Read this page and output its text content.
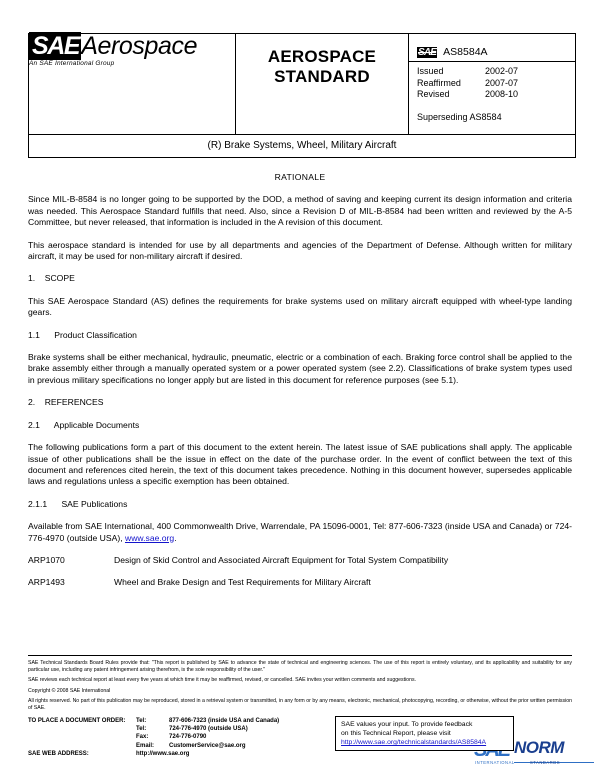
SAEAerospace
An SAE International Group	AEROSPACE
STANDARD

SAE AS8584A
Issued	2002-07
Reaffirmed	2007-07
Revised	2008-10
Superseding AS8584

(R) Brake Systems, Wheel, Military Aircraft
RATIONALE
Since MIL-B-8584 is no longer going to be supported by the DOD, a method of saving and keeping current its design information and criteria was needed. This Aerospace Standard fulfills that need. Also, since a Revision D of MIL-B-8584 had been written and reviewed by the A-5 Committee, but never released, that information is included in the A revision of this document.
This aerospace standard is intended for use by all departments and agencies of the Department of Defense. Although written for military aircraft, it may be used for non-military aircraft if desired.
1.    SCOPE
This SAE Aerospace Standard (AS) defines the requirements for brake systems used on military aircraft equipped with wheel-type landing gears.
1.1      Product Classification
Brake systems shall be either mechanical, hydraulic, pneumatic, electric or a combination of each. Braking force control shall be applied to the brake assembly either through a manually operated system or a power operated system (see 2.2). Classifications of brake system types used in previous military specifications no longer apply but are listed in this document for reference purposes (see 5.1).
2.    REFERENCES
2.1      Applicable Documents
The following publications form a part of this document to the extent herein. The latest issue of SAE publications shall apply. The applicable issue of other publications shall be the issue in effect on the date of the purchase order. In the event of conflict between the text of this document and references cited herein, the text of this document takes precedence. Nothing in this document however, supersedes applicable laws and regulations unless a specific exemption has been obtained.
2.1.1      SAE Publications
Available from SAE International, 400 Commonwealth Drive, Warrendale, PA 15096-0001, Tel: 877-606-7323 (inside USA and Canada) or 724-776-4970 (outside USA), www.sae.org.
ARP1070	Design of Skid Control and Associated Aircraft Equipment for Total System Compatibility
ARP1493	Wheel and Brake Design and Test Requirements for Military Aircraft
SAE Technical Standards Board Rules provide that: "This report is published by SAE to advance the state of technical and engineering sciences. The use of this report is entirely voluntary, and its applicability and suitability for any particular use, including any patent infringement arising therefrom, is the sole responsibility of the user."
SAE reviews each technical report at least every five years at which time it may be reaffirmed, revised, or cancelled. SAE invites your written comments and suggestions.
Copyright © 2008 SAE International
All rights reserved. No part of this publication may be reproduced, stored in a retrieval system or transmitted, in any form or by any means, electronic, mechanical, photocopying, recording, or otherwise, without the prior written permission of SAE.
TO PLACE A DOCUMENT ORDER:	Tel:	877-606-7323 (inside USA and Canada)
Tel:	724-776-4970 (outside USA)
Fax:	724-776-0790
Email:	CustomerService@sae.org
SAE WEB ADDRESS:	http://www.sae.org
SAE values your input. To provide feedback
on this Technical Report, please visit
http://www.sae.org/technicalstandards/AS8584A	NORM
INTERNATIONAL	STANDARDS
